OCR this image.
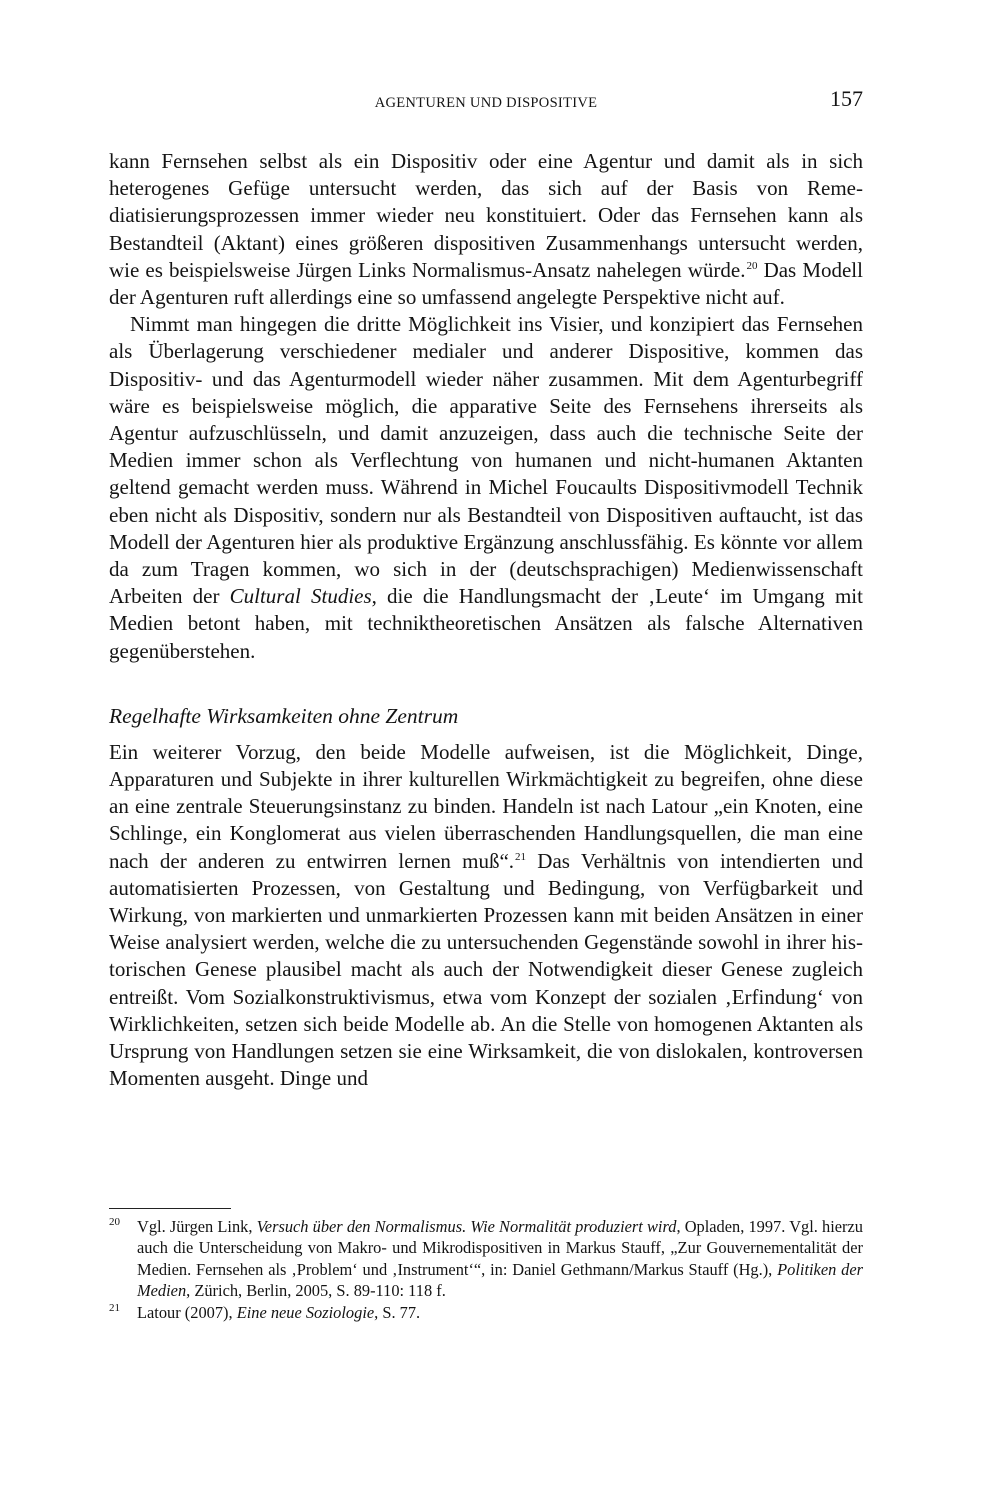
AGENTUREN UND DISPOSITIVE	157

kann Fernsehen selbst als ein Dispositiv oder eine Agentur und damit als in sich heterogenes Gefüge untersucht werden, das sich auf der Basis von Remediatisierungsprozessen immer wieder neu konstituiert. Oder das Fernsehen kann als Bestandteil (Aktant) eines größeren dispositiven Zusammenhangs untersucht werden, wie es beispielsweise Jürgen Links Normalismus-Ansatz nahelegen würde.$^{20}$ Das Modell der Agenturen ruft allerdings eine so umfassend angelegte Perspektive nicht auf.

Nimmt man hingegen die dritte Möglichkeit ins Visier, und konzipiert das Fernsehen als Überlagerung verschiedener medialer und anderer Dispositive, kommen das Dispositiv- und das Agenturmodell wieder näher zusammen. Mit dem Agenturbegriff wäre es beispielsweise möglich, die apparative Seite des Fernsehens ihrerseits als Agentur aufzuschlüsseln, und damit anzuzeigen, dass auch die technische Seite der Medien immer schon als Verflechtung von humanen und nicht-humanen Aktanten geltend gemacht werden muss. Während in Michel Foucaults Dispositivmodell Technik eben nicht als Dispositiv, sondern nur als Bestandteil von Dispositiven auftaucht, ist das Modell der Agenturen hier als produktive Ergänzung anschlussfähig. Es könnte vor allem da zum Tragen kommen, wo sich in der (deutschsprachigen) Medienwissenschaft Arbeiten der Cultural Studies, die die Handlungsmacht der ‚Leute‘ im Umgang mit Medien betont haben, mit techniktheoretischen Ansätzen als falsche Alternativen gegenüberstehen.

Regelhafte Wirksamkeiten ohne Zentrum

Ein weiterer Vorzug, den beide Modelle aufweisen, ist die Möglichkeit, Dinge, Apparaturen und Subjekte in ihrer kulturellen Wirkmächtigkeit zu begreifen, ohne diese an eine zentrale Steuerungsinstanz zu binden. Handeln ist nach Latour „ein Knoten, eine Schlinge, ein Konglomerat aus vielen überraschenden Handlungsquellen, die man eine nach der anderen zu entwirren lernen muß“.$^{21}$ Das Verhältnis von intendierten und automatisierten Prozessen, von Gestaltung und Bedingung, von Verfügbarkeit und Wirkung, von markierten und unmarkierten Prozessen kann mit beiden Ansätzen in einer Weise analysiert werden, welche die zu untersuchenden Gegenstände sowohl in ihrer historischen Genese plausibel macht als auch der Notwendigkeit dieser Genese zugleich entreißt. Vom Sozialkonstruktivismus, etwa vom Konzept der sozialen ‚Erfindung‘ von Wirklichkeiten, setzen sich beide Modelle ab. An die Stelle von homogenen Aktanten als Ursprung von Handlungen setzen sie eine Wirksamkeit, die von dislokalen, kontroversen Momenten ausgeht. Dinge und

20 Vgl. Jürgen Link, Versuch über den Normalismus. Wie Normalität produziert wird, Opladen, 1997. Vgl. hierzu auch die Unterscheidung von Makro- und Mikrodispositiven in Markus Stauff, „Zur Gouvernementalität der Medien. Fernsehen als ‚Problem‘ und ‚Instrument‘“, in: Daniel Gethmann/Markus Stauff (Hg.), Politiken der Medien, Zürich, Berlin, 2005, S. 89-110: 118 f.
21 Latour (2007), Eine neue Soziologie, S. 77.
